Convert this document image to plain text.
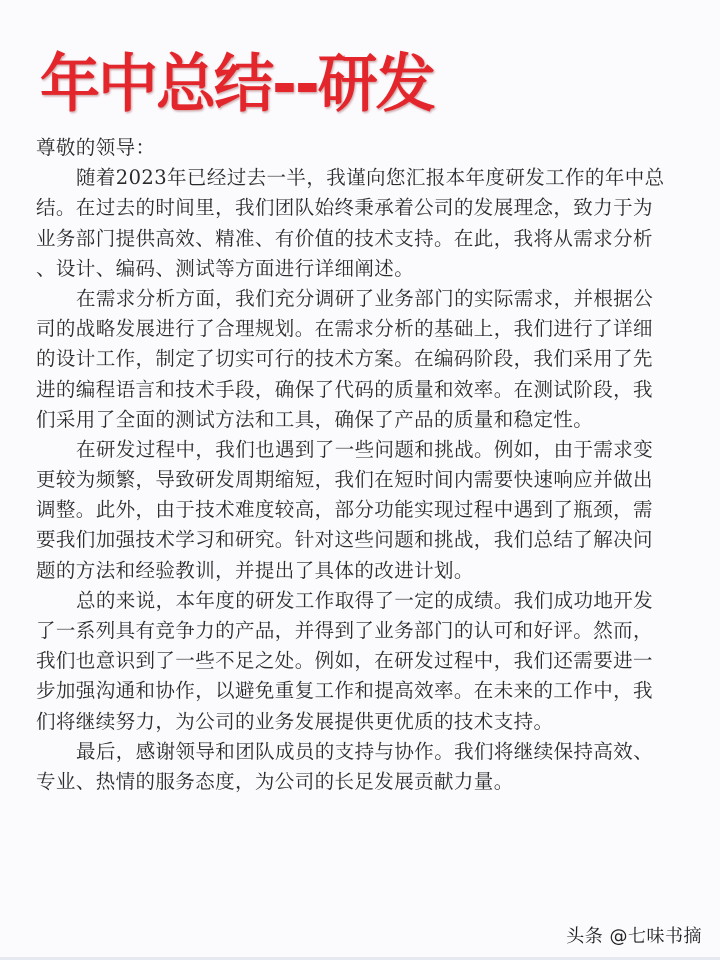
年中总结--研发
尊敬的领导：
随着2023年已经过去一半，我谨向您汇报本年度研发工作的年中总
结。在过去的时间里，我们团队始终秉承着公司的发展理念，致力于为
业务部门提供高效、精准、有价值的技术支持。在此，我将从需求分析
、设计、编码、测试等方面进行详细阐述。
在需求分析方面，我们充分调研了业务部门的实际需求，并根据公
司的战略发展进行了合理规划。在需求分析的基础上，我们进行了详细
的设计工作，制定了切实可行的技术方案。在编码阶段，我们采用了先
进的编程语言和技术手段，确保了代码的质量和效率。在测试阶段，我
们采用了全面的测试方法和工具，确保了产品的质量和稳定性。
在研发过程中，我们也遇到了一些问题和挑战。例如，由于需求变
更较为频繁，导致研发周期缩短，我们在短时间内需要快速响应并做出
调整。此外，由于技术难度较高，部分功能实现过程中遇到了瓶颈，需
要我们加强技术学习和研究。针对这些问题和挑战，我们总结了解决问
题的方法和经验教训，并提出了具体的改进计划。
总的来说，本年度的研发工作取得了一定的成绩。我们成功地开发
了一系列具有竞争力的产品，并得到了业务部门的认可和好评。然而，
我们也意识到了一些不足之处。例如，在研发过程中，我们还需要进一
步加强沟通和协作，以避免重复工作和提高效率。在未来的工作中，我
们将继续努力，为公司的业务发展提供更优质的技术支持。
最后，感谢领导和团队成员的支持与协作。我们将继续保持高效、
专业、热情的服务态度，为公司的长足发展贡献力量。
头条 @七味书摘
